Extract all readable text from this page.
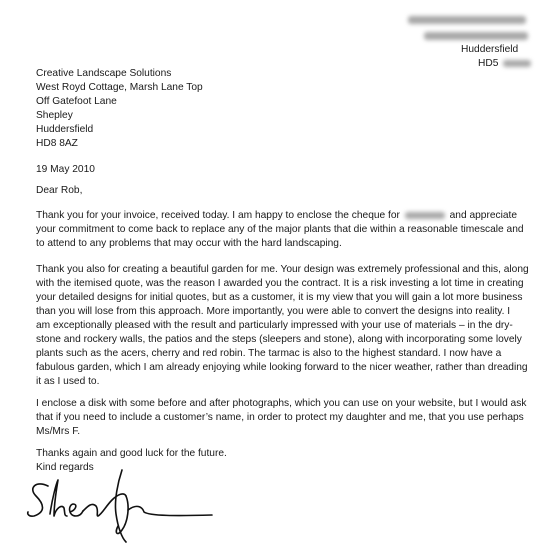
Huddersfield
HD5
Creative Landscape Solutions
West Royd Cottage, Marsh Lane Top
Off Gatefoot Lane
Shepley
Huddersfield
HD8 8AZ
19 May 2010
Dear Rob,
Thank you for your invoice, received today. I am happy to enclose the cheque for	and appreciate
your commitment to come back to replace any of the major plants that die within a reasonable timescale and
to attend to any problems that may occur with the hard landscaping.
Thank you also for creating a beautiful garden for me. Your design was extremely professional and this, along
with the itemised quote, was the reason I awarded you the contract. It is a risk investing a lot time in creating
your detailed designs for initial quotes, but as a customer, it is my view that you will gain a lot more business
than you will lose from this approach. More importantly, you were able to convert the designs into reality. I
am exceptionally pleased with the result and particularly impressed with your use of materials – in the dry-
stone and rockery walls, the patios and the steps (sleepers and stone), along with incorporating some lovely
plants such as the acers, cherry and red robin. The tarmac is also to the highest standard. I now have a
fabulous garden, which I am already enjoying while looking forward to the nicer weather, rather than dreading
it as I used to.
I enclose a disk with some before and after photographs, which you can use on your website, but I would ask
that if you need to include a customer’s name, in order to protect my daughter and me, that you use perhaps
Ms/Mrs F.
Thanks again and good luck for the future.
Kind regards
